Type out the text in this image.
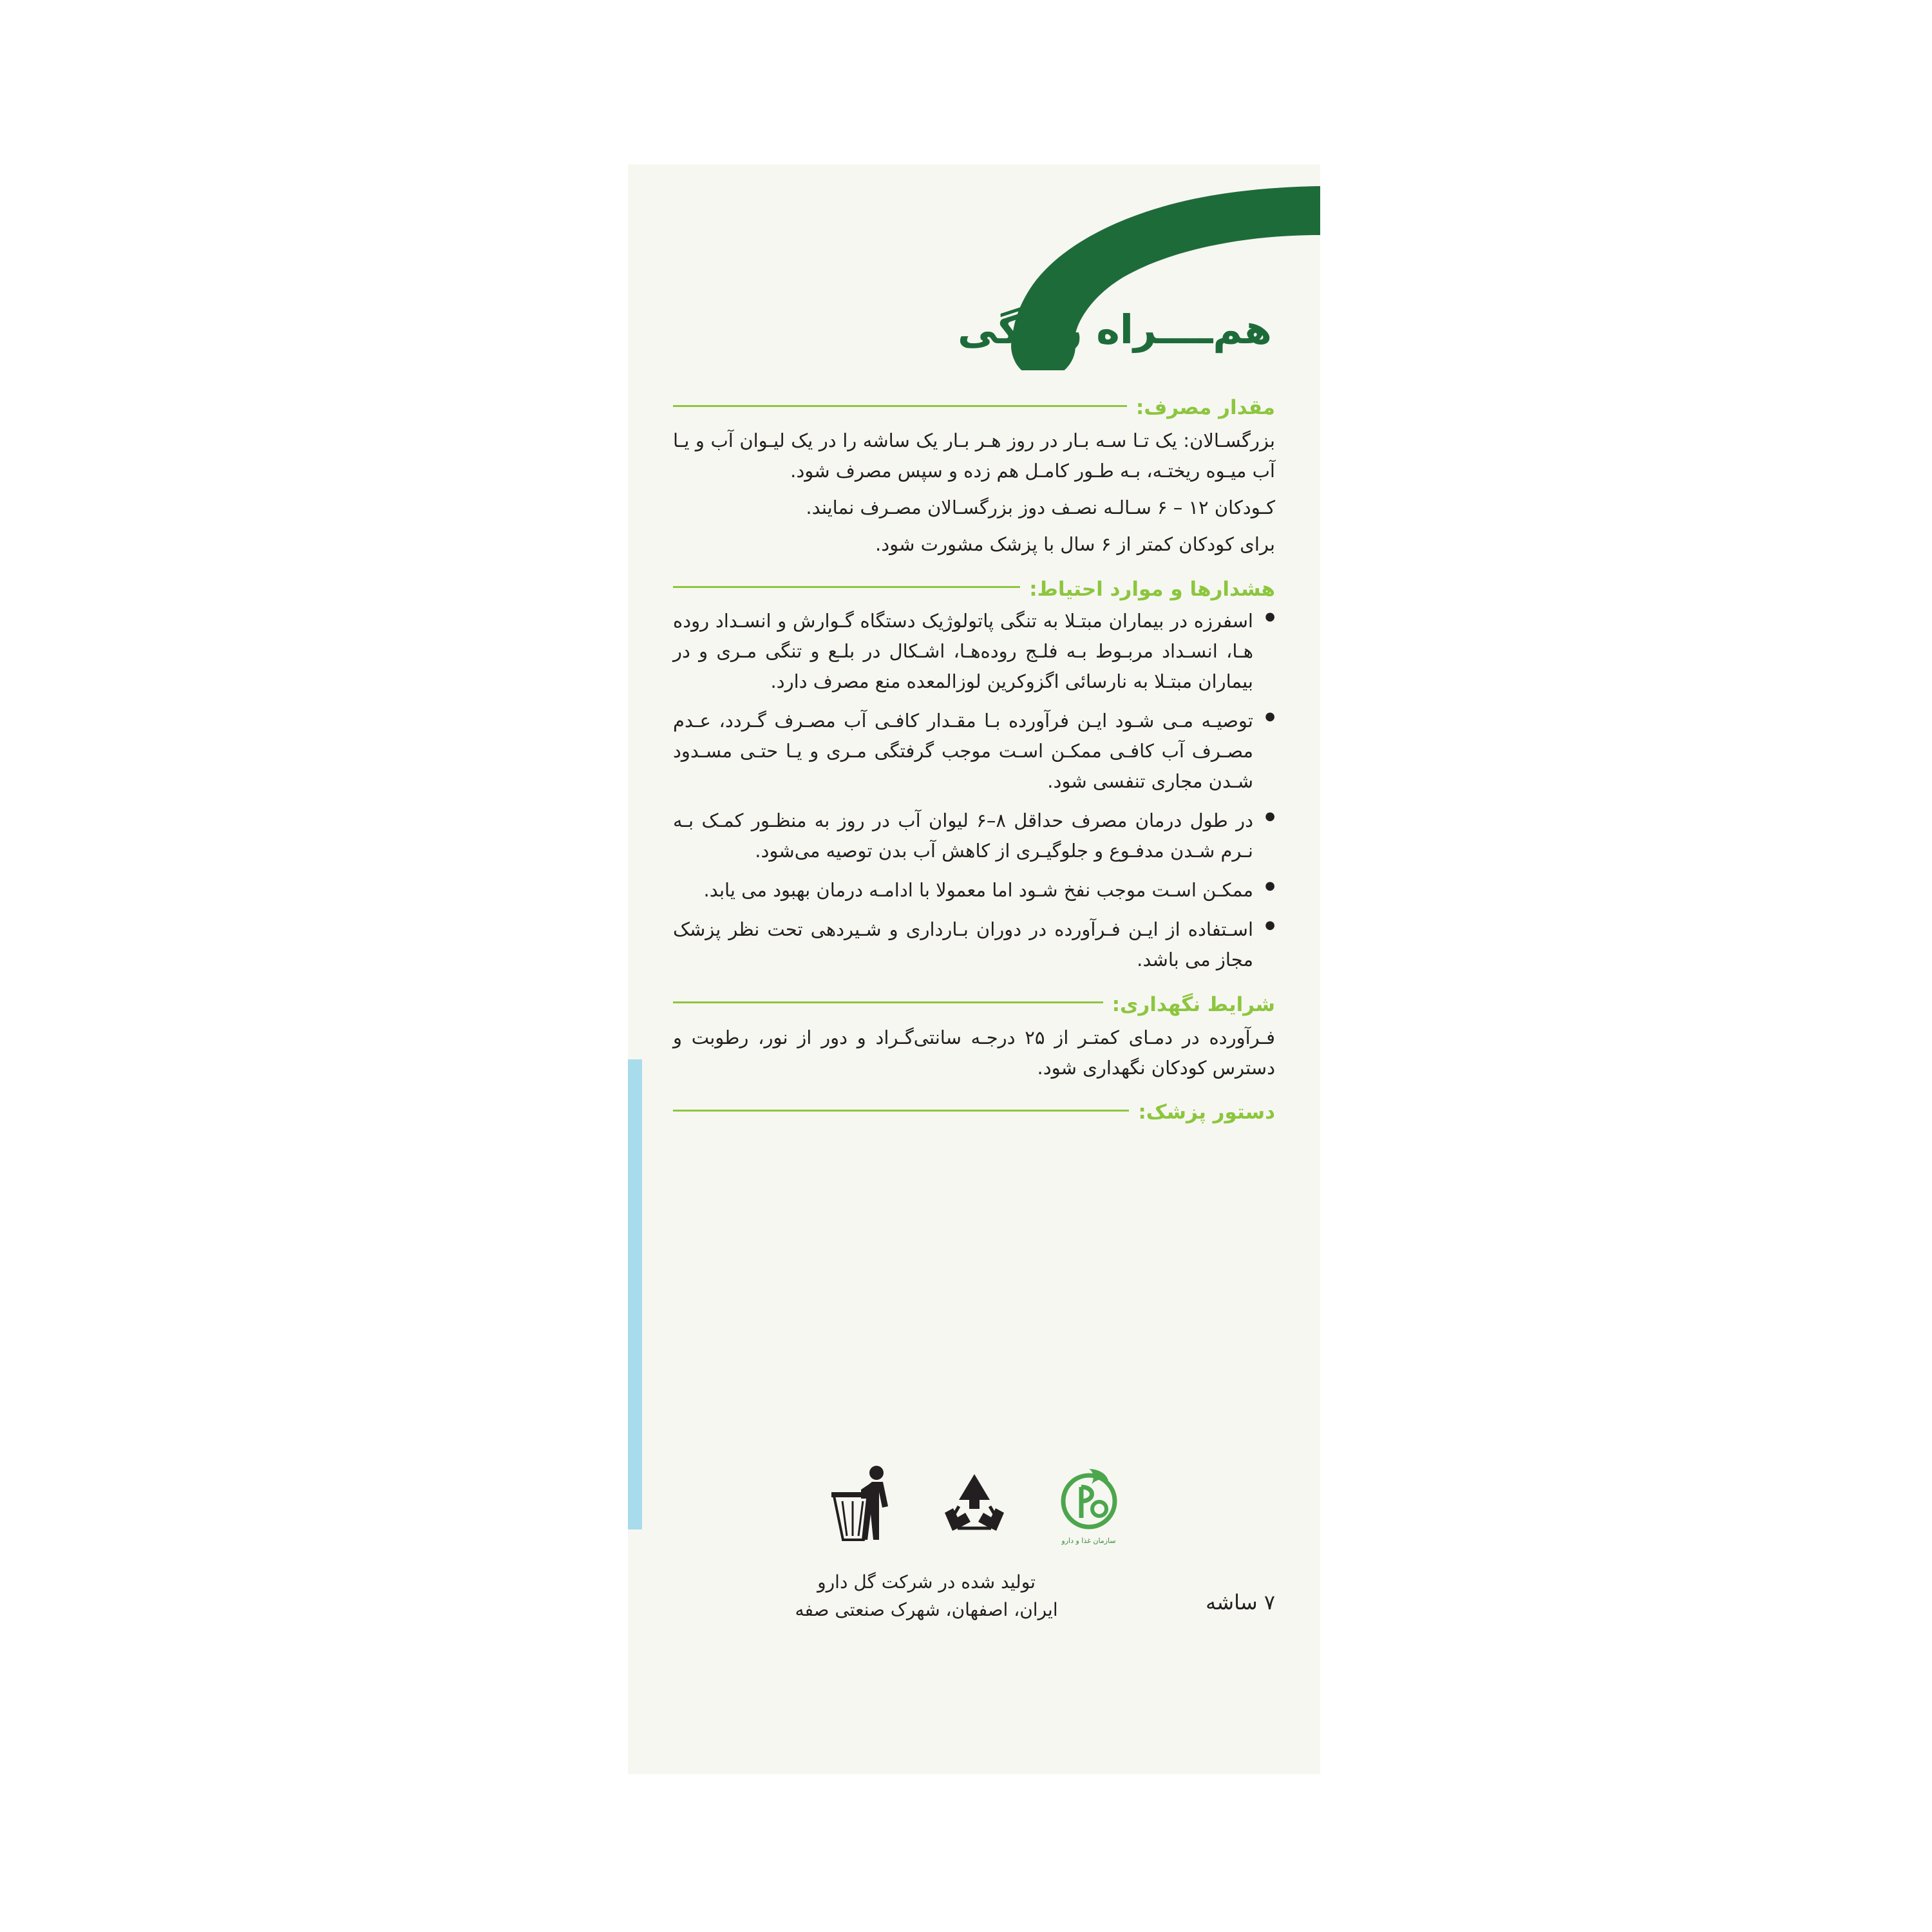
هم‌ــــراه زندگی
مقدار مصرف:

بزرگسـالان: یک تـا سـه بـار در روز هـر بـار یک ساشه را در یک لیـوان آب و یـا آب میـوه ریختـه، بـه طـور کامـل هم زده و سپس مصرف شود.

کـودکان ۱۲ – ۶ سـالـه نصـف دوز بزرگسـالان مصـرف نمایند.

برای کودکان کمتر از ۶ سال با پزشک مشورت شود.

هشدارها و موارد احتیاط:
● اسفرزه در بیماران مبتـلا به تنگی پاتولوژیک دستگاه گـوارش و انسـداد روده هـا، انسـداد مربـوط بـه فلـج روده‌هـا، اشـکال در بلـع و تنگی مـری و در بیماران مبتـلا به نارسائی اگزوکرین لوزالمعده منع مصرف دارد.
● توصیـه مـی شـود ایـن فرآورده بـا مقـدار کافـی آب مصـرف گـردد، عـدم مصـرف آب کافـی ممکـن اسـت موجب گرفتگی مـری و یـا حتـی مسـدود شـدن مجاری تنفسی شود.
● در طول درمان مصرف حداقل ۸–۶ لیوان آب در روز به منظـور کمـک بـه نـرم شـدن مدفـوع و جلوگیـری از کاهش آب بدن توصیه می‌شود.
● ممکـن اسـت موجب نفخ شـود اما معمولا با ادامـه درمان بهبود می یابد.
● اسـتفاده از ایـن فـرآورده در دوران بـارداری و شـیردهی تحت نظر پزشک مجاز می باشد.
شرایط نگهداری:

فـرآورده در دمـای کمتـر از ۲۵ درجـه سانتی‌گـراد و دور از نور، رطوبت و دسترس کودکان نگهداری شود.

دستور پزشک:
سازمان غذا و دارو
۷ ساشه
تولید شده در شرکت گل دارو
ایران، اصفهان، شهرک صنعتی صفه
